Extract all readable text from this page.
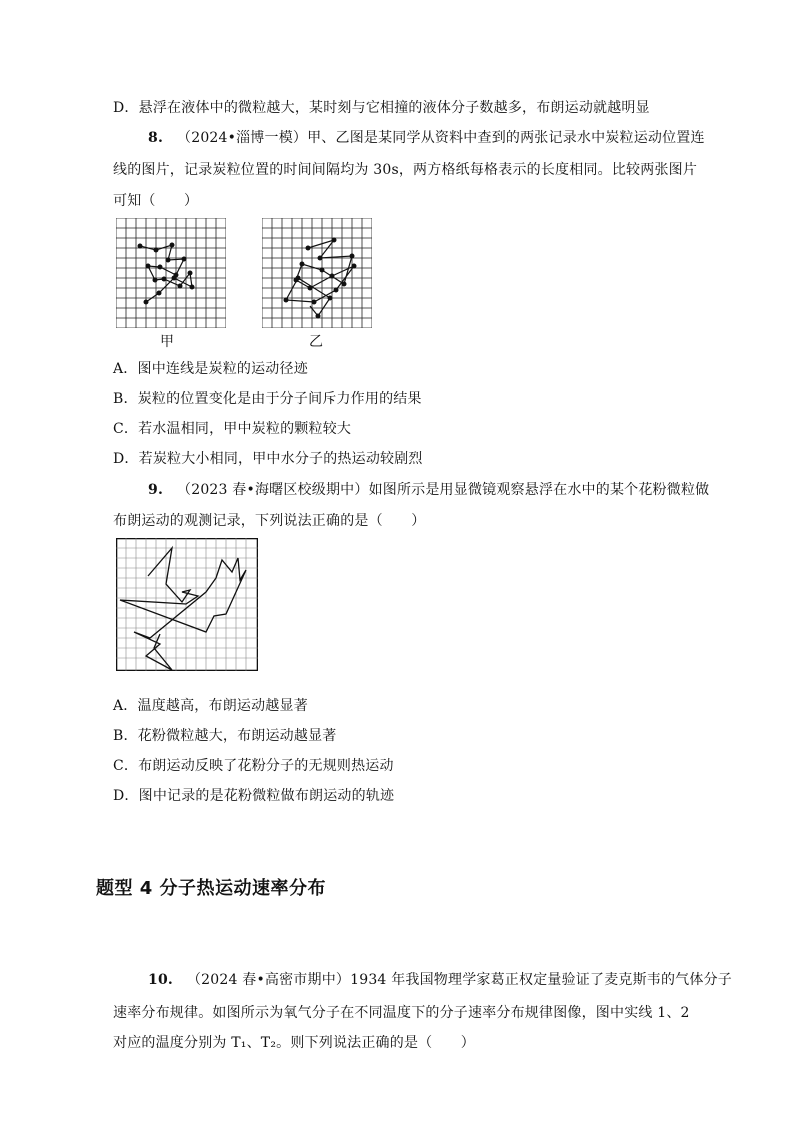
D．悬浮在液体中的微粒越大，某时刻与它相撞的液体分子数越多，布朗运动就越明显
8. （2024•淄博一模）甲、乙图是某同学从资料中查到的两张记录水中炭粒运动位置连
线的图片，记录炭粒位置的时间间隔均为 30s，两方格纸每格表示的长度相同。比较两张图片
可知（　　）
甲	乙
A．图中连线是炭粒的运动径迹
B．炭粒的位置变化是由于分子间斥力作用的结果
C．若水温相同，甲中炭粒的颗粒较大
D．若炭粒大小相同，甲中水分子的热运动较剧烈
9. （2023 春•海曙区校级期中）如图所示是用显微镜观察悬浮在水中的某个花粉微粒做
布朗运动的观测记录，下列说法正确的是（　　）
A．温度越高，布朗运动越显著
B．花粉微粒越大，布朗运动越显著
C．布朗运动反映了花粉分子的无规则热运动
D．图中记录的是花粉微粒做布朗运动的轨迹
题型 4 分子热运动速率分布
10. （2024 春•高密市期中）1934 年我国物理学家葛正权定量验证了麦克斯韦的气体分子
速率分布规律。如图所示为氧气分子在不同温度下的分子速率分布规律图像，图中实线 1、2
对应的温度分别为 T₁、T₂。则下列说法正确的是（　　）
